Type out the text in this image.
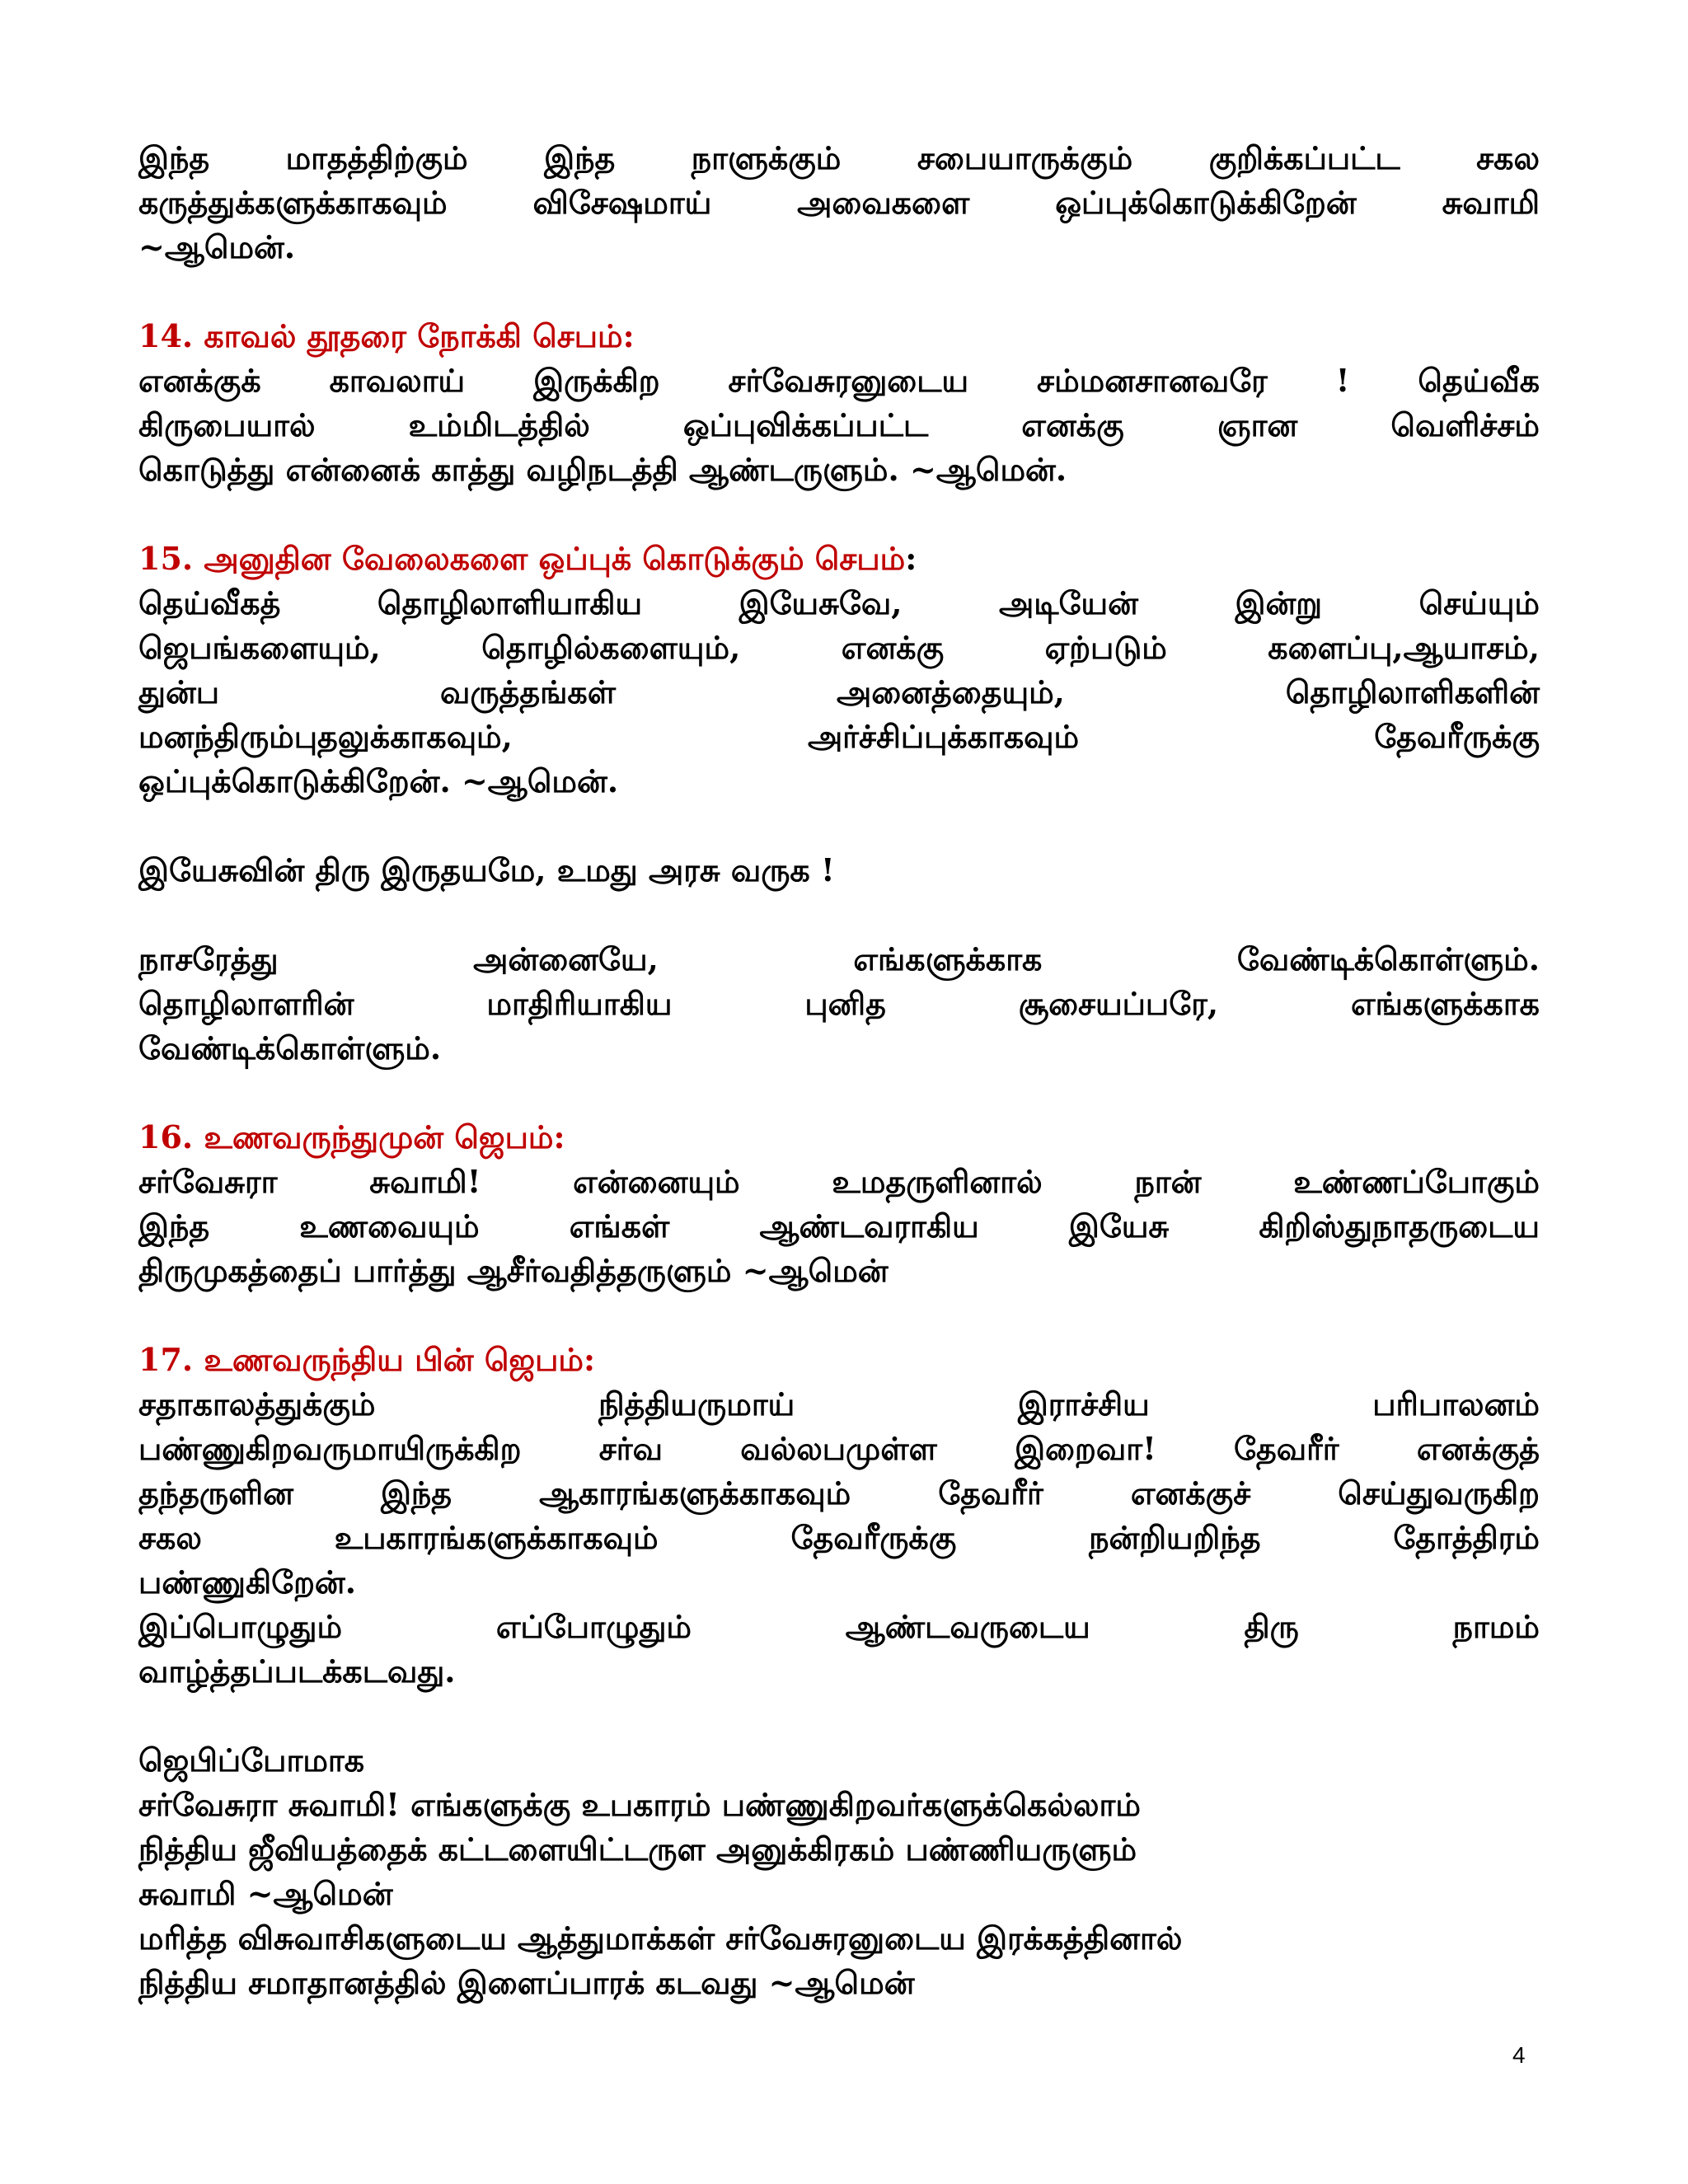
இந்த மாதத்திற்கும் இந்த நாளுக்கும் சபையாருக்கும் குறிக்கப்பட்ட சகல
கருத்துக்களுக்காகவும் விசேஷமாய் அவைகளை ஒப்புக்கொடுக்கிறேன் சுவாமி
~ஆமென்.

14. காவல் தூதரை நோக்கி செபம்:

எனக்குக் காவலாய் இருக்கிற சர்வேசுரனுடைய சம்மனசானவரே ! தெய்வீக
கிருபையால் உம்மிடத்தில் ஒப்புவிக்கப்பட்ட எனக்கு ஞான வெளிச்சம்
கொடுத்து என்னைக் காத்து வழிநடத்தி ஆண்டருளும். ~ஆமென்.

15. அனுதின வேலைகளை ஒப்புக் கொடுக்கும் செபம்:

தெய்வீகத் தொழிலாளியாகிய இயேசுவே, அடியேன் இன்று செய்யும்
ஜெபங்களையும், தொழில்களையும், எனக்கு ஏற்படும் களைப்பு,ஆயாசம்,
துன்ப வருத்தங்கள் அனைத்தையும், தொழிலாளிகளின்
மனந்திரும்புதலுக்காகவும், அர்ச்சிப்புக்காகவும் தேவரீருக்கு
ஒப்புக்கொடுக்கிறேன். ~ஆமென்.

இயேசுவின் திரு இருதயமே, உமது அரசு வருக !

நாசரேத்து அன்னையே, எங்களுக்காக வேண்டிக்கொள்ளும்.
தொழிலாளரின் மாதிரியாகிய புனித சூசையப்பரே, எங்களுக்காக
வேண்டிக்கொள்ளும்.

16. உணவருந்துமுன் ஜெபம்:

சர்வேசுரா சுவாமி! என்னையும் உமதருளினால் நான் உண்ணப்போகும்
இந்த உணவையும் எங்கள் ஆண்டவராகிய இயேசு கிறிஸ்துநாதருடைய
திருமுகத்தைப் பார்த்து ஆசீர்வதித்தருளும் ~ஆமென்

17. உணவருந்திய பின் ஜெபம்:

சதாகாலத்துக்கும் நித்தியருமாய் இராச்சிய பரிபாலனம்
பண்ணுகிறவருமாயிருக்கிற சர்வ வல்லபமுள்ள இறைவா! தேவரீர் எனக்குத்
தந்தருளின இந்த ஆகாரங்களுக்காகவும் தேவரீர் எனக்குச் செய்துவருகிற
சகல உபகாரங்களுக்காகவும் தேவரீருக்கு நன்றியறிந்த தோத்திரம்
பண்ணுகிறேன்.
இப்பொழுதும் எப்போழுதும் ஆண்டவருடைய திரு நாமம்
வாழ்த்தப்படக்கடவது.

ஜெபிப்போமாக

சர்வேசுரா சுவாமி! எங்களுக்கு உபகாரம் பண்ணுகிறவர்களுக்கெல்லாம்
நித்திய ஜீவியத்தைக் கட்டளையிட்டருள அனுக்கிரகம் பண்ணியருளும்
சுவாமி ~ஆமென்
மரித்த விசுவாசிகளுடைய ஆத்துமாக்கள் சர்வேசுரனுடைய இரக்கத்தினால்
நித்திய சமாதானத்தில் இளைப்பாரக் கடவது ~ஆமென்

4
